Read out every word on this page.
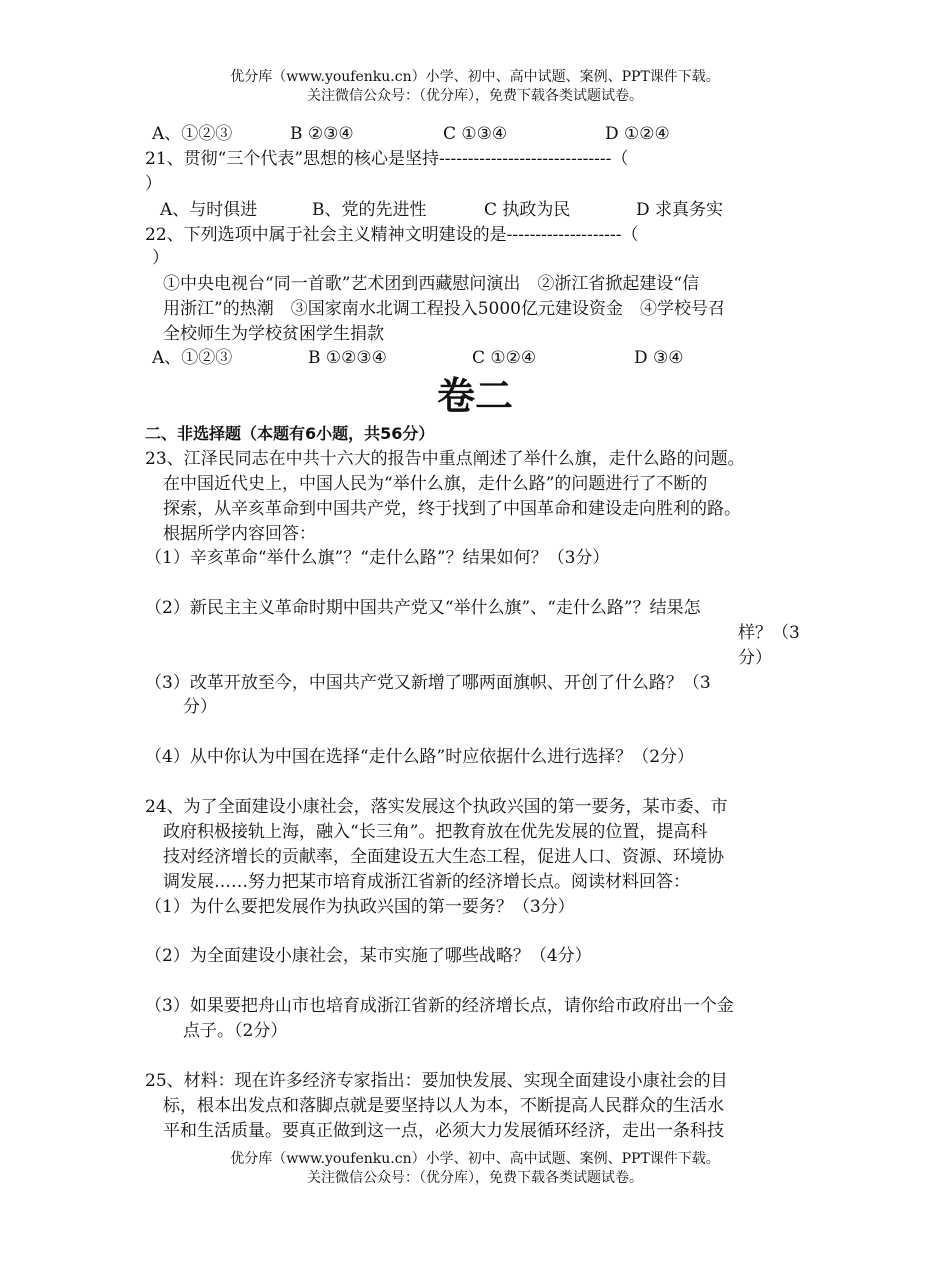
优分库（www.youfenku.cn）小学、初中、高中试题、案例、PPT课件下载。
关注微信公众号：（优分库），免费下载各类试题试卷。
A、①②③	B ②③④	C ①③④	D ①②④
21、贯彻“三个代表”思想的核心是坚持------------------------------（
）
A、与时俱进	B、党的先进性	C 执政为民	D 求真务实
22、下列选项中属于社会主义精神文明建设的是--------------------（
）
①中央电视台“同一首歌”艺术团到西藏慰问演出　②浙江省掀起建设“信
用浙江”的热潮　③国家南水北调工程投入5000亿元建设资金　④学校号召
全校师生为学校贫困学生捐款
A、①②③	B ①②③④	C ①②④	D ③④
卷二
二、非选择题（本题有6小题，共56分）
23、江泽民同志在中共十六大的报告中重点阐述了举什么旗，走什么路的问题。
在中国近代史上，中国人民为“举什么旗，走什么路”的问题进行了不断的
探索，从辛亥革命到中国共产党，终于找到了中国革命和建设走向胜利的路。
根据所学内容回答：
（1）辛亥革命“举什么旗”？“走什么路”？结果如何？（3分）
（2）新民主主义革命时期中国共产党又“举什么旗”、“走什么路”？结果怎
样？（3
分）
（3）改革开放至今，中国共产党又新增了哪两面旗帜、开创了什么路？（3
分）
（4）从中你认为中国在选择“走什么路”时应依据什么进行选择？（2分）
24、为了全面建设小康社会，落实发展这个执政兴国的第一要务，某市委、市
政府积极接轨上海，融入“长三角”。把教育放在优先发展的位置，提高科
技对经济增长的贡献率，全面建设五大生态工程，促进人口、资源、环境协
调发展……努力把某市培育成浙江省新的经济增长点。阅读材料回答：
（1）为什么要把发展作为执政兴国的第一要务？（3分）
（2）为全面建设小康社会，某市实施了哪些战略？（4分）
（3）如果要把舟山市也培育成浙江省新的经济增长点，请你给市政府出一个金
点子。（2分）
25、材料：现在许多经济专家指出：要加快发展、实现全面建设小康社会的目
标，根本出发点和落脚点就是要坚持以人为本，不断提高人民群众的生活水
平和生活质量。要真正做到这一点，必须大力发展循环经济，走出一条科技
优分库（www.youfenku.cn）小学、初中、高中试题、案例、PPT课件下载。
关注微信公众号：（优分库），免费下载各类试题试卷。
